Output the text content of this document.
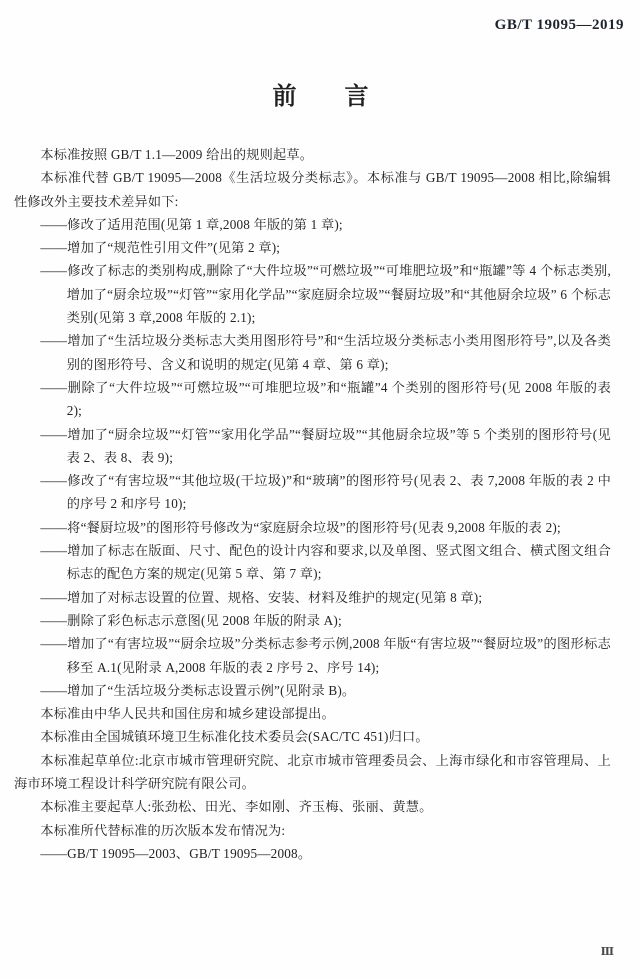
GB/T 19095—2019
前　　言

本标准按照 GB/T 1.1—2009 给出的规则起草。

本标准代替 GB/T 19095—2008《生活垃圾分类标志》。本标准与 GB/T 19095—2008 相比,除编辑性修改外主要技术差异如下:

——修改了适用范围(见第 1 章,2008 年版的第 1 章);

——增加了“规范性引用文件”(见第 2 章);

——修改了标志的类别构成,删除了“大件垃圾”“可燃垃圾”“可堆肥垃圾”和“瓶罐”等 4 个标志类别,增加了“厨余垃圾”“灯管”“家用化学品”“家庭厨余垃圾”“餐厨垃圾”和“其他厨余垃圾” 6 个标志类别(见第 3 章,2008 年版的 2.1);

——增加了“生活垃圾分类标志大类用图形符号”和“生活垃圾分类标志小类用图形符号”,以及各类别的图形符号、含义和说明的规定(见第 4 章、第 6 章);

——删除了“大件垃圾”“可燃垃圾”“可堆肥垃圾”和“瓶罐”4 个类别的图形符号(见 2008 年版的表 2);

——增加了“厨余垃圾”“灯管”“家用化学品”“餐厨垃圾”“其他厨余垃圾”等 5 个类别的图形符号(见表 2、表 8、表 9);

——修改了“有害垃圾”“其他垃圾(干垃圾)”和“玻璃”的图形符号(见表 2、表 7,2008 年版的表 2 中的序号 2 和序号 10);

——将“餐厨垃圾”的图形符号修改为“家庭厨余垃圾”的图形符号(见表 9,2008 年版的表 2);

——增加了标志在版面、尺寸、配色的设计内容和要求,以及单图、竖式图文组合、横式图文组合标志的配色方案的规定(见第 5 章、第 7 章);

——增加了对标志设置的位置、规格、安装、材料及维护的规定(见第 8 章);

——删除了彩色标志示意图(见 2008 年版的附录 A);

——增加了“有害垃圾”“厨余垃圾”分类标志参考示例,2008 年版“有害垃圾”“餐厨垃圾”的图形标志移至 A.1(见附录 A,2008 年版的表 2 序号 2、序号 14);

——增加了“生活垃圾分类标志设置示例”(见附录 B)。

本标准由中华人民共和国住房和城乡建设部提出。

本标准由全国城镇环境卫生标准化技术委员会(SAC/TC 451)归口。

本标准起草单位:北京市城市管理研究院、北京市城市管理委员会、上海市绿化和市容管理局、上海市环境工程设计科学研究院有限公司。

本标准主要起草人:张劲松、田光、李如刚、齐玉梅、张丽、黄慧。

本标准所代替标准的历次版本发布情况为:

——GB/T 19095—2003、GB/T 19095—2008。

Ⅲ
